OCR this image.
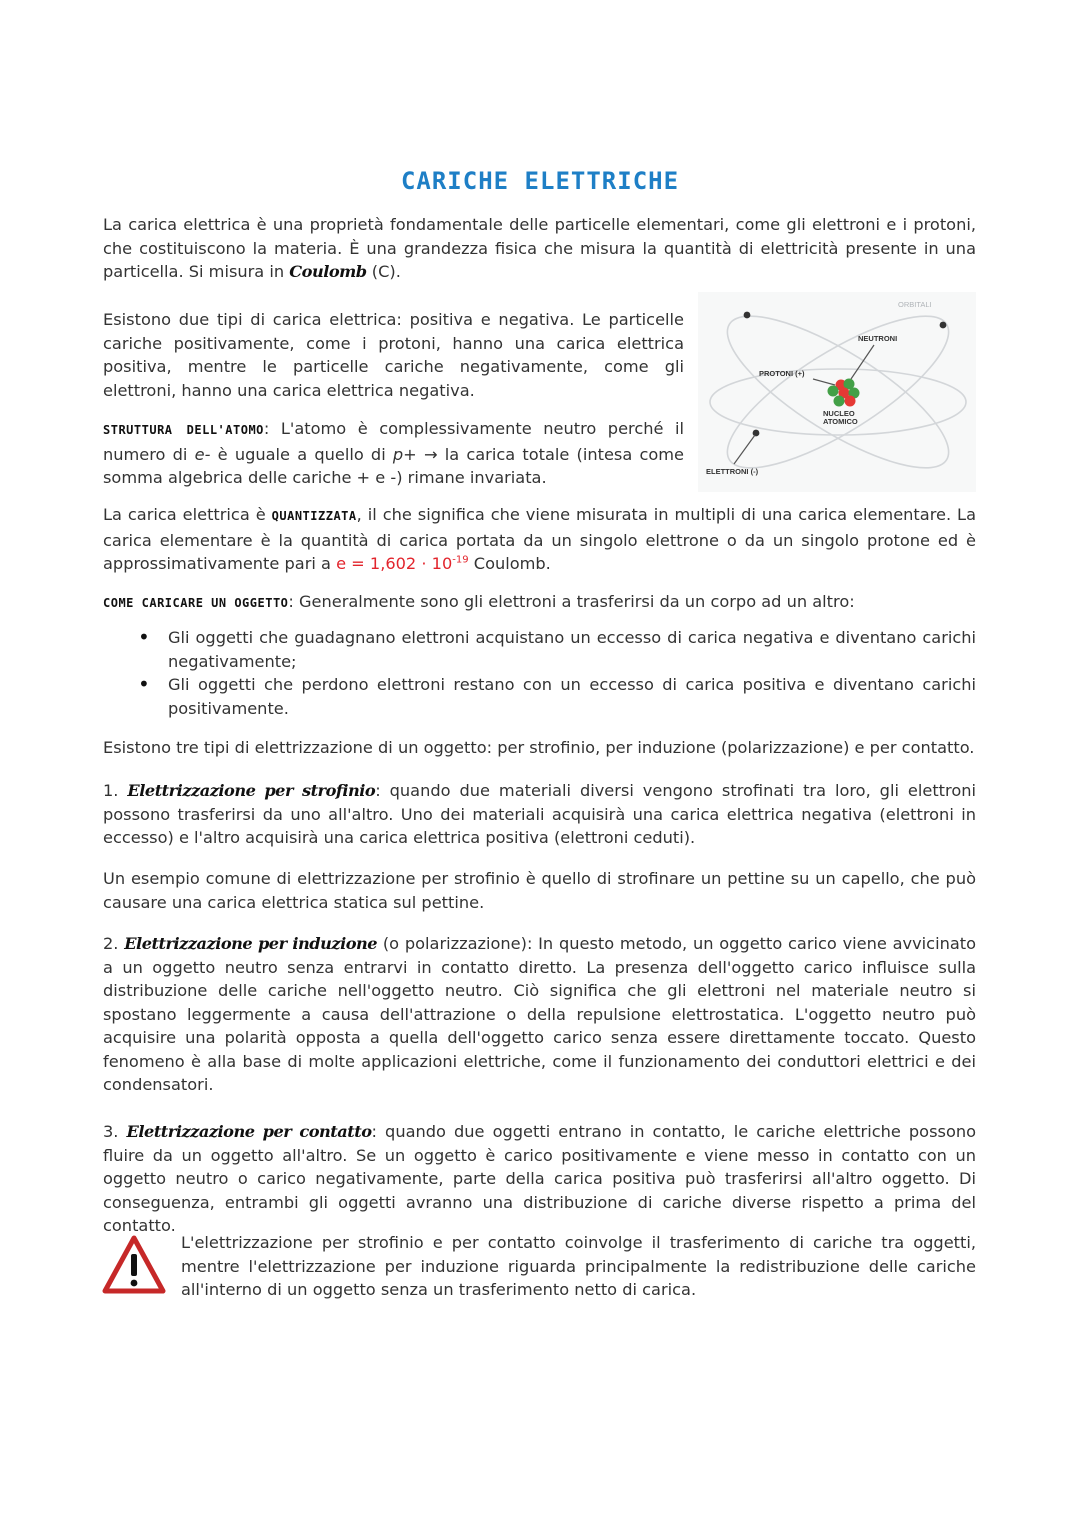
CARICHE ELETTRICHE

La carica elettrica è una proprietà fondamentale delle particelle elementari, come gli elettroni e i protoni, che costituiscono la materia. È una grandezza fisica che misura la quantità di elettricità presente in una particella. Si misura in Coulomb (C).

Esistono due tipi di carica elettrica: positiva e negativa. Le particelle cariche positivamente, come i protoni, hanno una carica elettrica positiva, mentre le particelle cariche negativamente, come gli elettroni, hanno una carica elettrica negativa.

STRUTTURA DELL'ATOMO: L'atomo è complessivamente neutro perché il numero di e- è uguale a quello di p+ → la carica totale (intesa come somma algebrica delle cariche + e -) rimane invariata.

ORBITALI
NEUTRONI
PROTONI (+)
NUCLEO
ATOMICO
ELETTRONI (-)

La carica elettrica è QUANTIZZATA, il che significa che viene misurata in multipli di una carica elementare. La carica elementare è la quantità di carica portata da un singolo elettrone o da un singolo protone ed è approssimativamente pari a $e = 1,602 \cdot 10^{-19}$ Coulomb.

COME CARICARE UN OGGETTO: Generalmente sono gli elettroni a trasferirsi da un corpo ad un altro:

• Gli oggetti che guadagnano elettroni acquistano un eccesso di carica negativa e diventano carichi negativamente;
• Gli oggetti che perdono elettroni restano con un eccesso di carica positiva e diventano carichi positivamente.

Esistono tre tipi di elettrizzazione di un oggetto: per strofinio, per induzione (polarizzazione) e per contatto.

1. Elettrizzazione per strofinio: quando due materiali diversi vengono strofinati tra loro, gli elettroni possono trasferirsi da uno all'altro. Uno dei materiali acquisirà una carica elettrica negativa (elettroni in eccesso) e l'altro acquisirà una carica elettrica positiva (elettroni ceduti).

Un esempio comune di elettrizzazione per strofinio è quello di strofinare un pettine su un capello, che può causare una carica elettrica statica sul pettine.

2. Elettrizzazione per induzione (o polarizzazione): In questo metodo, un oggetto carico viene avvicinato a un oggetto neutro senza entrarvi in contatto diretto. La presenza dell'oggetto carico influisce sulla distribuzione delle cariche nell'oggetto neutro. Ciò significa che gli elettroni nel materiale neutro si spostano leggermente a causa dell'attrazione o della repulsione elettrostatica. L'oggetto neutro può acquisire una polarità opposta a quella dell'oggetto carico senza essere direttamente toccato. Questo fenomeno è alla base di molte applicazioni elettriche, come il funzionamento dei conduttori elettrici e dei condensatori.

3. Elettrizzazione per contatto: quando due oggetti entrano in contatto, le cariche elettriche possono fluire da un oggetto all'altro. Se un oggetto è carico positivamente e viene messo in contatto con un oggetto neutro o carico negativamente, parte della carica positiva può trasferirsi all'altro oggetto. Di conseguenza, entrambi gli oggetti avranno una distribuzione di cariche diverse rispetto a prima del contatto.

L'elettrizzazione per strofinio e per contatto coinvolge il trasferimento di cariche tra oggetti, mentre l'elettrizzazione per induzione riguarda principalmente la redistribuzione delle cariche all'interno di un oggetto senza un trasferimento netto di carica.
